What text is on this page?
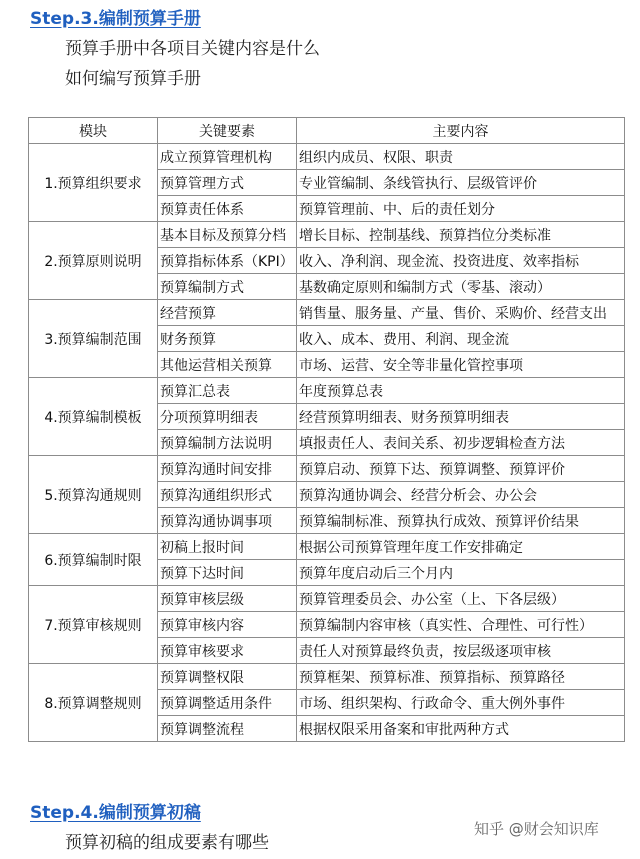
Step.3.编制预算手册

预算手册中各项目关键内容是什么

如何编写预算手册

模块	关键要素	主要内容
1.预算组织要求	成立预算管理机构	组织内成员、权限、职责
	预算管理方式	专业管编制、条线管执行、层级管评价
	预算责任体系	预算管理前、中、后的责任划分
2.预算原则说明	基本目标及预算分档	增长目标、控制基线、预算挡位分类标准
	预算指标体系（KPI）	收入、净利润、现金流、投资进度、效率指标
	预算编制方式	基数确定原则和编制方式（零基、滚动）
3.预算编制范围	经营预算	销售量、服务量、产量、售价、采购价、经营支出
	财务预算	收入、成本、费用、利润、现金流
	其他运营相关预算	市场、运营、安全等非量化管控事项
4.预算编制模板	预算汇总表	年度预算总表
	分项预算明细表	经营预算明细表、财务预算明细表
	预算编制方法说明	填报责任人、表间关系、初步逻辑检查方法
5.预算沟通规则	预算沟通时间安排	预算启动、预算下达、预算调整、预算评价
	预算沟通组织形式	预算沟通协调会、经营分析会、办公会
	预算沟通协调事项	预算编制标准、预算执行成效、预算评价结果
6.预算编制时限	初稿上报时间	根据公司预算管理年度工作安排确定
	预算下达时间	预算年度启动后三个月内
7.预算审核规则	预算审核层级	预算管理委员会、办公室（上、下各层级）
	预算审核内容	预算编制内容审核（真实性、合理性、可行性）
	预算审核要求	责任人对预算最终负责，按层级逐项审核
8.预算调整规则	预算调整权限	预算框架、预算标准、预算指标、预算路径
	预算调整适用条件	市场、组织架构、行政命令、重大例外事件
	预算调整流程	根据权限采用备案和审批两种方式
Step.4.编制预算初稿

预算初稿的组成要素有哪些

知乎 @财会知识库
